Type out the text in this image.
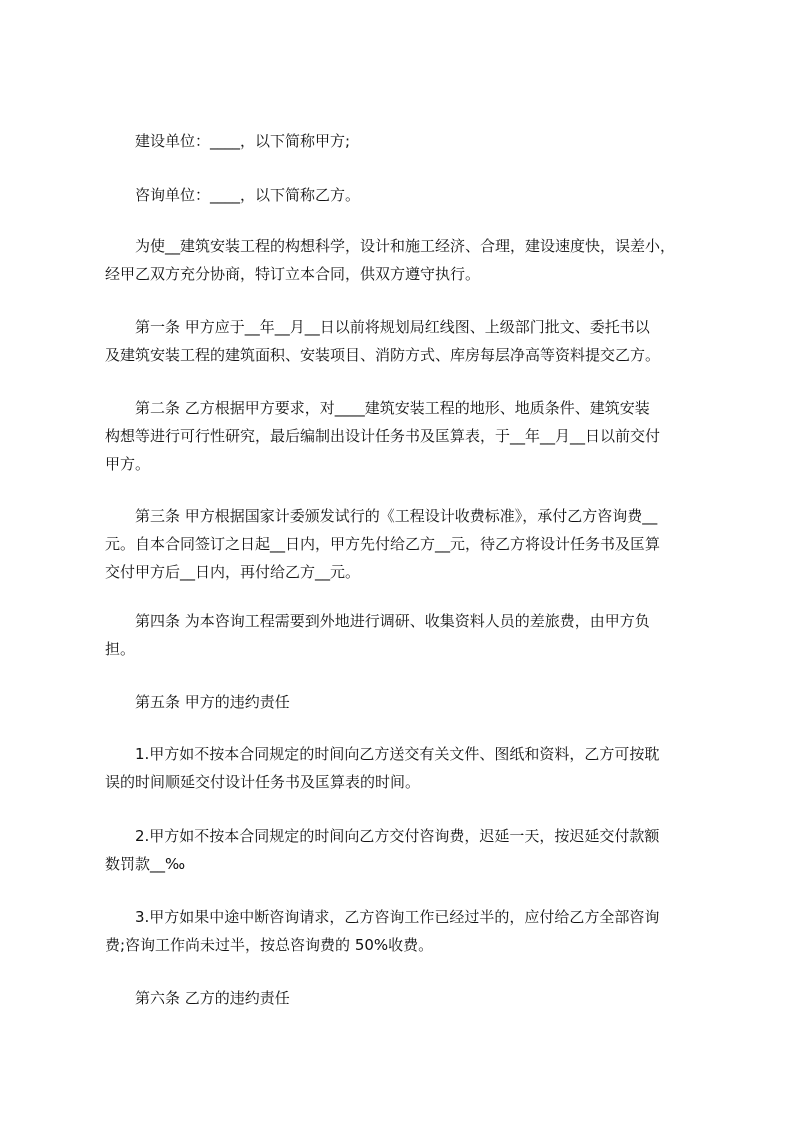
建设单位：____，以下简称甲方;

咨询单位：____，以下简称乙方。

为使__建筑安装工程的构想科学，设计和施工经济、合理，建设速度快，误差小，
经甲乙双方充分协商，特订立本合同，供双方遵守执行。

第一条 甲方应于__年__月__日以前将规划局红线图、上级部门批文、委托书以
及建筑安装工程的建筑面积、安装项目、消防方式、库房每层净高等资料提交乙方。

第二条 乙方根据甲方要求，对____建筑安装工程的地形、地质条件、建筑安装
构想等进行可行性研究，最后编制出设计任务书及匡算表，于__年__月__日以前交付
甲方。

第三条 甲方根据国家计委颁发试行的《工程设计收费标准》，承付乙方咨询费__
元。自本合同签订之日起__日内，甲方先付给乙方__元，待乙方将设计任务书及匡算
交付甲方后__日内，再付给乙方__元。

第四条 为本咨询工程需要到外地进行调研、收集资料人员的差旅费，由甲方负
担。

第五条 甲方的违约责任

1.甲方如不按本合同规定的时间向乙方送交有关文件、图纸和资料，乙方可按耽
误的时间顺延交付设计任务书及匡算表的时间。

2.甲方如不按本合同规定的时间向乙方交付咨询费，迟延一天，按迟延交付款额
数罚款__‰

3.甲方如果中途中断咨询请求，乙方咨询工作已经过半的，应付给乙方全部咨询
费;咨询工作尚未过半，按总咨询费的 50%收费。

第六条 乙方的违约责任
